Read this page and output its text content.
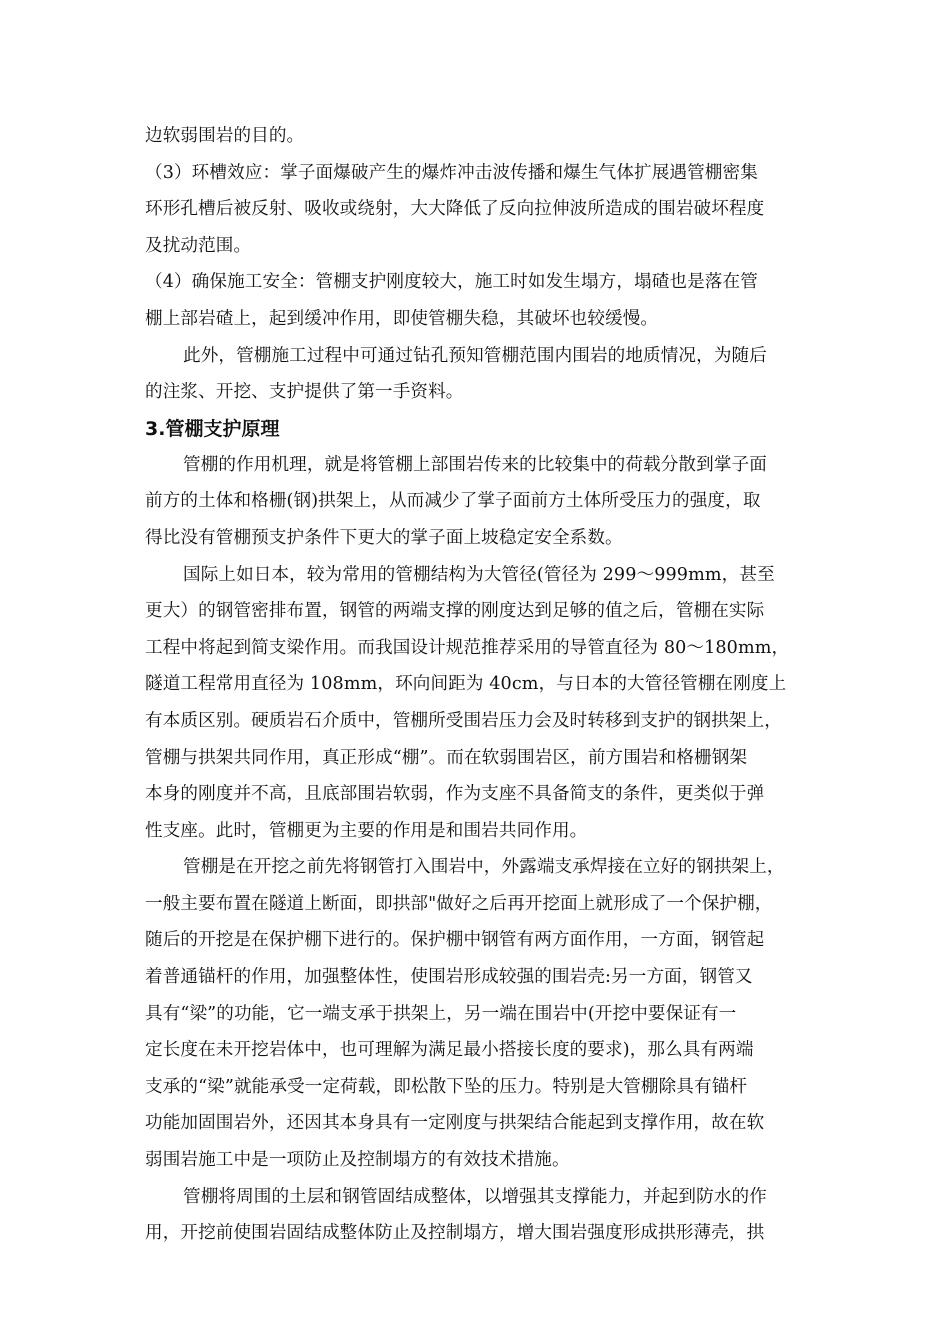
边软弱围岩的目的。
（3）环槽效应：掌子面爆破产生的爆炸冲击波传播和爆生气体扩展遇管棚密集
环形孔槽后被反射、吸收或绕射，大大降低了反向拉伸波所造成的围岩破坏程度
及扰动范围。
（4）确保施工安全：管棚支护刚度较大，施工时如发生塌方，塌碴也是落在管
棚上部岩碴上，起到缓冲作用，即使管棚失稳，其破坏也较缓慢。
此外，管棚施工过程中可通过钻孔预知管棚范围内围岩的地质情况，为随后
的注浆、开挖、支护提供了第一手资料。
3.管棚支护原理
管棚的作用机理，就是将管棚上部围岩传来的比较集中的荷载分散到掌子面
前方的土体和格栅(钢)拱架上，从而减少了掌子面前方土体所受压力的强度，取
得比没有管棚预支护条件下更大的掌子面上坡稳定安全系数。
国际上如日本，较为常用的管棚结构为大管径(管径为 299～999mm，甚至
更大）的钢管密排布置，钢管的两端支撑的刚度达到足够的值之后，管棚在实际
工程中将起到简支梁作用。而我国设计规范推荐采用的导管直径为 80～180mm，
隧道工程常用直径为 108mm，环向间距为 40cm，与日本的大管径管棚在刚度上
有本质区别。硬质岩石介质中，管棚所受围岩压力会及时转移到支护的钢拱架上，
管棚与拱架共同作用，真正形成“棚”。而在软弱围岩区，前方围岩和格栅钢架
本身的刚度并不高，且底部围岩软弱，作为支座不具备简支的条件，更类似于弹
性支座。此时，管棚更为主要的作用是和围岩共同作用。
管棚是在开挖之前先将钢管打入围岩中，外露端支承焊接在立好的钢拱架上，
一般主要布置在隧道上断面，即拱部"做好之后再开挖面上就形成了一个保护棚，
随后的开挖是在保护棚下进行的。保护棚中钢管有两方面作用，一方面，钢管起
着普通锚杆的作用，加强整体性，使围岩形成较强的围岩壳:另一方面，钢管又
具有“梁”的功能，它一端支承于拱架上，另一端在围岩中(开挖中要保证有一
定长度在未开挖岩体中，也可理解为满足最小搭接长度的要求)，那么具有两端
支承的“梁”就能承受一定荷载，即松散下坠的压力。特别是大管棚除具有锚杆
功能加固围岩外，还因其本身具有一定刚度与拱架结合能起到支撑作用，故在软
弱围岩施工中是一项防止及控制塌方的有效技术措施。
管棚将周围的土层和钢管固结成整体，以增强其支撑能力，并起到防水的作
用，开挖前使围岩固结成整体防止及控制塌方，增大围岩强度形成拱形薄壳，拱
